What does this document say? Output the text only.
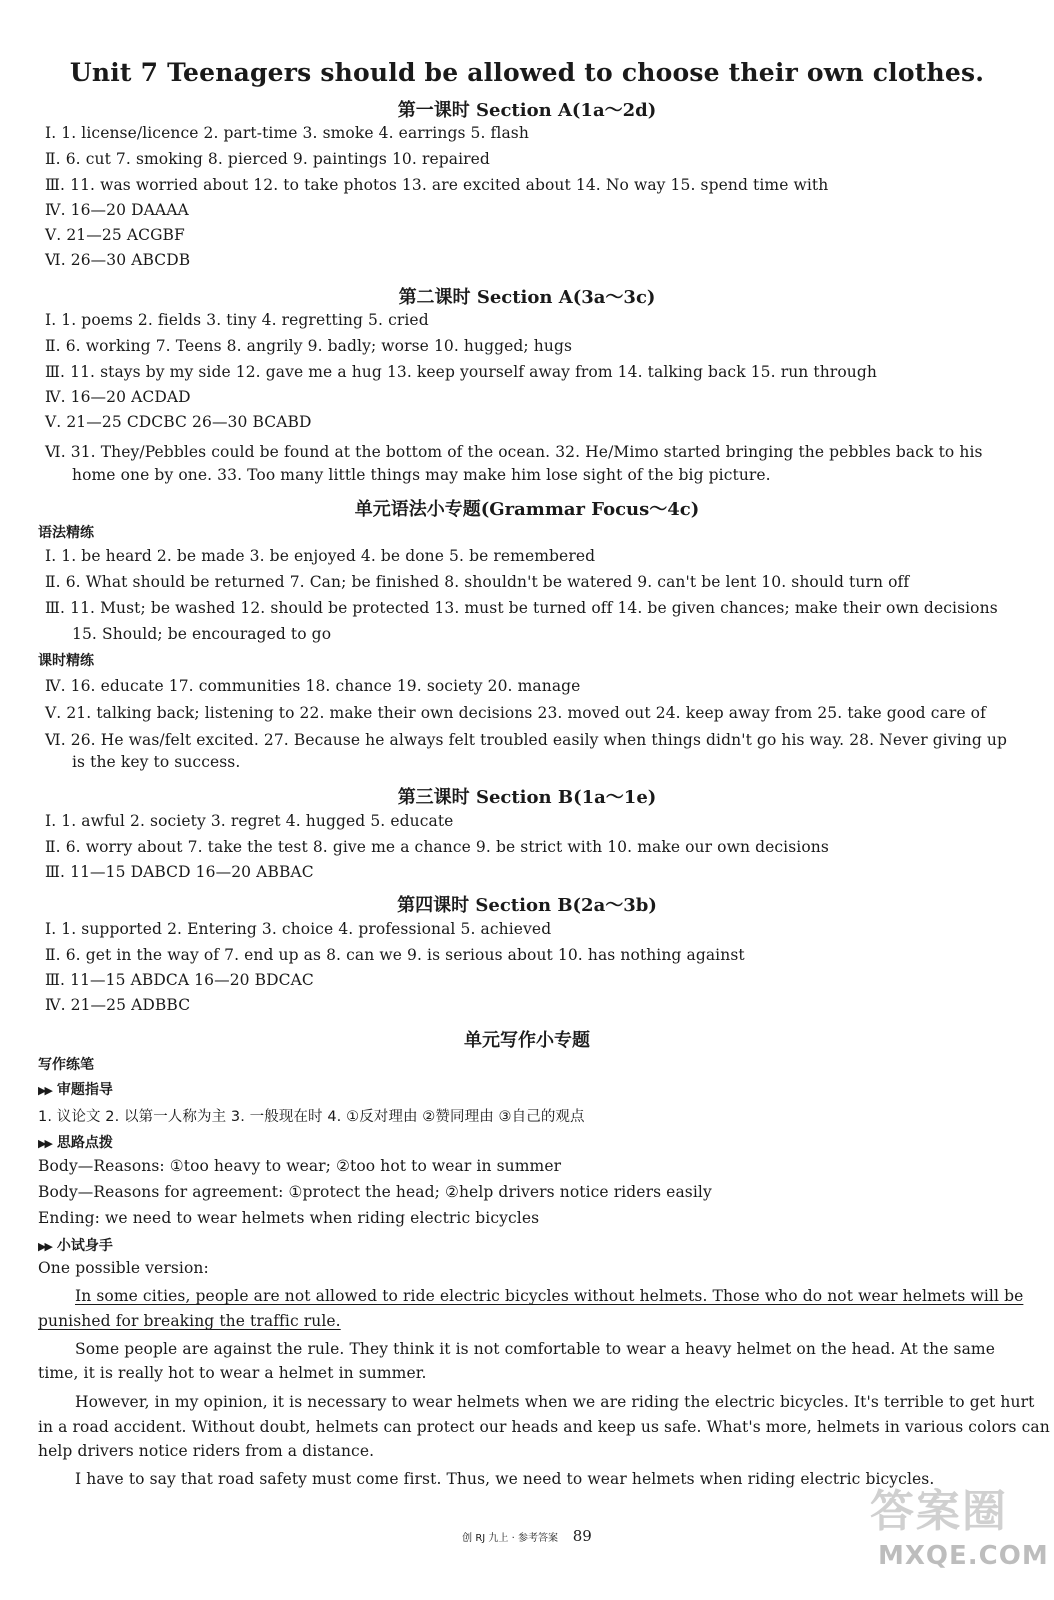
Unit 7 Teenagers should be allowed to choose their own clothes.
第一课时 Section A(1a～2d)
Ⅰ. 1. license/licence 2. part-time 3. smoke 4. earrings 5. flash
Ⅱ. 6. cut 7. smoking 8. pierced 9. paintings 10. repaired
Ⅲ. 11. was worried about 12. to take photos 13. are excited about 14. No way 15. spend time with
Ⅳ. 16—20 DAAAA
Ⅴ. 21—25 ACGBF
Ⅵ. 26—30 ABCDB
第二课时 Section A(3a～3c)
Ⅰ. 1. poems 2. fields 3. tiny 4. regretting 5. cried
Ⅱ. 6. working 7. Teens 8. angrily 9. badly; worse 10. hugged; hugs
Ⅲ. 11. stays by my side 12. gave me a hug 13. keep yourself away from 14. talking back 15. run through
Ⅳ. 16—20 ACDAD
Ⅴ. 21—25 CDCBC 26—30 BCABD
Ⅵ. 31. They/Pebbles could be found at the bottom of the ocean. 32. He/Mimo started bringing the pebbles back to his
home one by one. 33. Too many little things may make him lose sight of the big picture.
单元语法小专题(Grammar Focus～4c)
语法精练
Ⅰ. 1. be heard 2. be made 3. be enjoyed 4. be done 5. be remembered
Ⅱ. 6. What should be returned 7. Can; be finished 8. shouldn't be watered 9. can't be lent 10. should turn off
Ⅲ. 11. Must; be washed 12. should be protected 13. must be turned off 14. be given chances; make their own decisions
15. Should; be encouraged to go
课时精练
Ⅳ. 16. educate 17. communities 18. chance 19. society 20. manage
Ⅴ. 21. talking back; listening to 22. make their own decisions 23. moved out 24. keep away from 25. take good care of
Ⅵ. 26. He was/felt excited. 27. Because he always felt troubled easily when things didn't go his way. 28. Never giving up
is the key to success.
第三课时 Section B(1a～1e)
Ⅰ. 1. awful 2. society 3. regret 4. hugged 5. educate
Ⅱ. 6. worry about 7. take the test 8. give me a chance 9. be strict with 10. make our own decisions
Ⅲ. 11—15 DABCD 16—20 ABBAC
第四课时 Section B(2a～3b)
Ⅰ. 1. supported 2. Entering 3. choice 4. professional 5. achieved
Ⅱ. 6. get in the way of 7. end up as 8. can we 9. is serious about 10. has nothing against
Ⅲ. 11—15 ABDCA 16—20 BDCAC
Ⅳ. 21—25 ADBBC
单元写作小专题
写作练笔
▶▶ 审题指导
1. 议论文 2. 以第一人称为主 3. 一般现在时 4. ①反对理由 ②赞同理由 ③自己的观点
▶▶ 思路点拨
Body—Reasons: ①too heavy to wear; ②too hot to wear in summer
Body—Reasons for agreement: ①protect the head; ②help drivers notice riders easily
Ending: we need to wear helmets when riding electric bicycles
▶▶ 小试身手
One possible version:
In some cities, people are not allowed to ride electric bicycles without helmets. Those who do not wear helmets will be
punished for breaking the traffic rule.
Some people are against the rule. They think it is not comfortable to wear a heavy helmet on the head. At the same
time, it is really hot to wear a helmet in summer.
However, in my opinion, it is necessary to wear helmets when we are riding the electric bicycles. It's terrible to get hurt
in a road accident. Without doubt, helmets can protect our heads and keep us safe. What's more, helmets in various colors can
help drivers notice riders from a distance.
I have to say that road safety must come first. Thus, we need to wear helmets when riding electric bicycles.
创 RJ 九上 · 参考答案 89	答案圈
MXQE.COM
